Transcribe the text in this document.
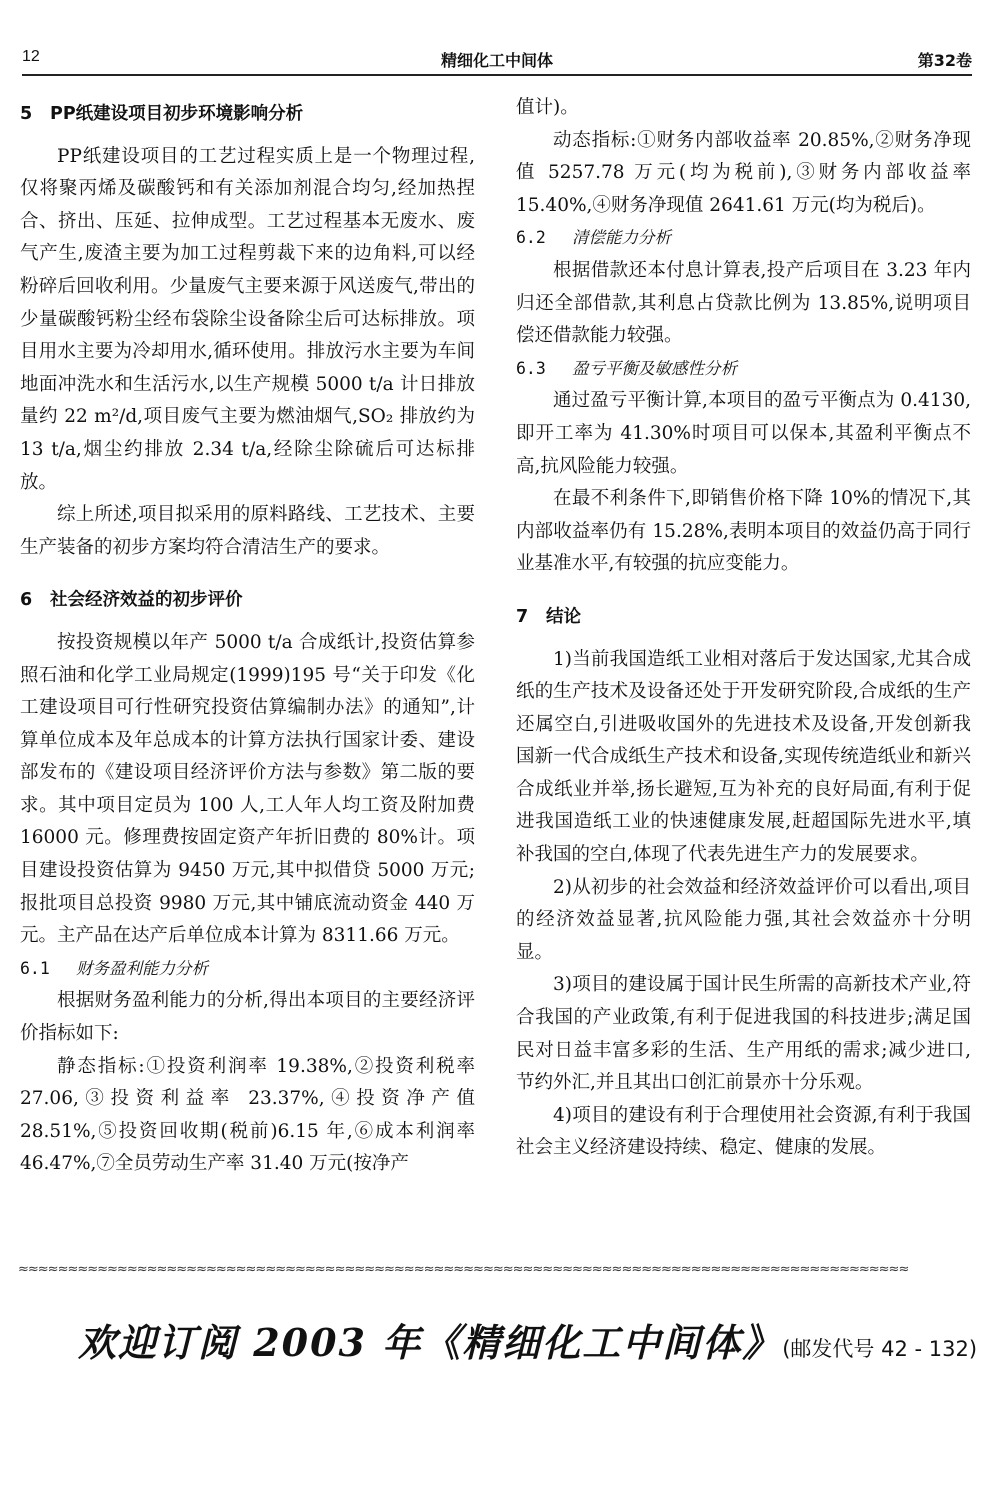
12	精细化工中间体	第32卷
5 PP纸建设项目初步环境影响分析

PP纸建设项目的工艺过程实质上是一个物理过程,仅将聚丙烯及碳酸钙和有关添加剂混合均匀,经加热捏合、挤出、压延、拉伸成型。工艺过程基本无废水、废气产生,废渣主要为加工过程剪裁下来的边角料,可以经粉碎后回收利用。少量废气主要来源于风送废气,带出的少量碳酸钙粉尘经布袋除尘设备除尘后可达标排放。项目用水主要为冷却用水,循环使用。排放污水主要为车间地面冲洗水和生活污水,以生产规模 5000 t/a 计日排放量约 22 m²/d,项目废气主要为燃油烟气,SO₂ 排放约为 13 t/a,烟尘约排放 2.34 t/a,经除尘除硫后可达标排放。

综上所述,项目拟采用的原料路线、工艺技术、主要生产装备的初步方案均符合清洁生产的要求。

6 社会经济效益的初步评价

按投资规模以年产 5000 t/a 合成纸计,投资估算参照石油和化学工业局规定(1999)195 号“关于印发《化工建设项目可行性研究投资估算编制办法》的通知”,计算单位成本及年总成本的计算方法执行国家计委、建设部发布的《建设项目经济评价方法与参数》第二版的要求。其中项目定员为 100 人,工人年人均工资及附加费 16000 元。修理费按固定资产年折旧费的 80%计。项目建设投资估算为 9450 万元,其中拟借贷 5000 万元;报批项目总投资 9980 万元,其中铺底流动资金 440 万元。主产品在达产后单位成本计算为 8311.66 万元。

6.1 财务盈利能力分析

根据财务盈利能力的分析,得出本项目的主要经济评价指标如下:

静态指标:①投资利润率 19.38%,②投资利税率27.06,③投资利益率 23.37%,④投资净产值 28.51%,⑤投资回收期(税前)6.15 年,⑥成本利润率 46.47%,⑦全员劳动生产率 31.40 万元(按净产

值计)。

动态指标:①财务内部收益率 20.85%,②财务净现值 5257.78 万元(均为税前),③财务内部收益率 15.40%,④财务净现值 2641.61 万元(均为税后)。

6.2 清偿能力分析

根据借款还本付息计算表,投产后项目在 3.23 年内归还全部借款,其利息占贷款比例为 13.85%,说明项目偿还借款能力较强。

6.3 盈亏平衡及敏感性分析

通过盈亏平衡计算,本项目的盈亏平衡点为 0.4130,即开工率为 41.30%时项目可以保本,其盈利平衡点不高,抗风险能力较强。

在最不利条件下,即销售价格下降 10%的情况下,其内部收益率仍有 15.28%,表明本项目的效益仍高于同行业基准水平,有较强的抗应变能力。

7 结论

1)当前我国造纸工业相对落后于发达国家,尤其合成纸的生产技术及设备还处于开发研究阶段,合成纸的生产还属空白,引进吸收国外的先进技术及设备,开发创新我国新一代合成纸生产技术和设备,实现传统造纸业和新兴合成纸业并举,扬长避短,互为补充的良好局面,有利于促进我国造纸工业的快速健康发展,赶超国际先进水平,填补我国的空白,体现了代表先进生产力的发展要求。

2)从初步的社会效益和经济效益评价可以看出,项目的经济效益显著,抗风险能力强,其社会效益亦十分明显。

3)项目的建设属于国计民生所需的高新技术产业,符合我国的产业政策,有利于促进我国的科技进步;满足国民对日益丰富多彩的生活、生产用纸的需求;减少进口,节约外汇,并且其出口创汇前景亦十分乐观。

4)项目的建设有利于合理使用社会资源,有利于我国社会主义经济建设持续、稳定、健康的发展。

≈≈≈≈≈≈≈≈≈≈≈≈≈≈≈≈≈≈≈≈≈≈≈≈≈≈≈≈≈≈≈≈≈≈≈≈≈≈≈≈≈≈≈≈≈≈≈≈≈≈≈≈≈≈≈≈≈≈≈≈≈≈≈≈≈≈≈≈≈≈≈≈≈≈≈≈≈≈≈≈≈≈≈≈≈≈≈≈≈≈
欢迎订阅 2003 年《精细化工中间体》(邮发代号 42 - 132)
